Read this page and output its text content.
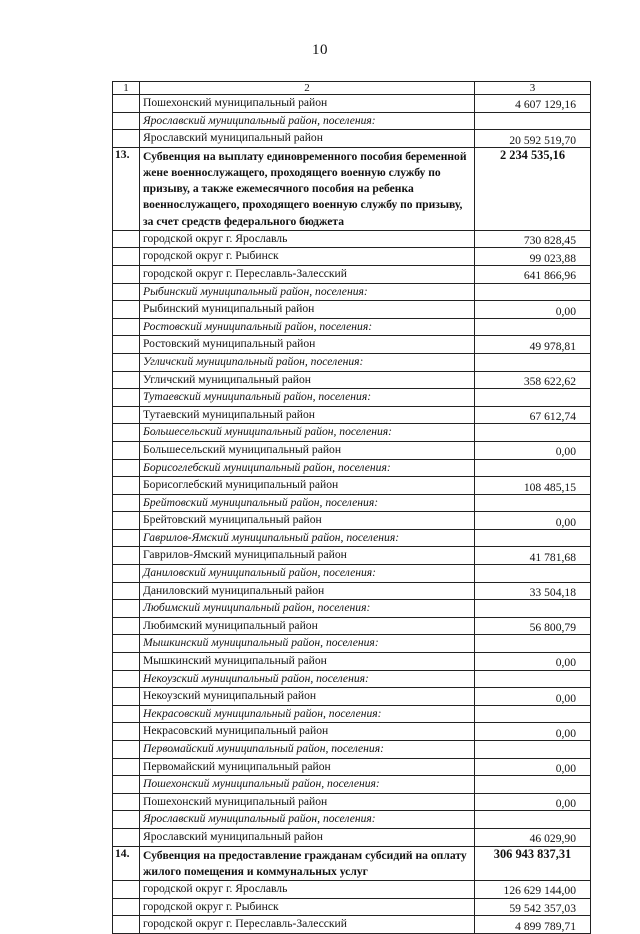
10
1	2	3
	Пошехонский муниципальный район	4 607 129,16
	Ярославский муниципальный район, поселения:	
	Ярославский муниципальный район	20 592 519,70
13.	Субвенция на выплату единовременного пособия беременной жене военнослужащего, проходящего военную службу по призыву, а также ежемесячного пособия на ребенка военнослужащего, проходящего военную службу по призыву, за счет средств федерального бюджета	2 234 535,16
	городской округ г. Ярославль	730 828,45
	городской округ г. Рыбинск	99 023,88
	городской округ г. Переславль-Залесский	641 866,96
	Рыбинский муниципальный район, поселения:	
	Рыбинский муниципальный район	0,00
	Ростовский муниципальный район, поселения:	
	Ростовский муниципальный район	49 978,81
	Угличский муниципальный район, поселения:	
	Угличский муниципальный район	358 622,62
	Тутаевский муниципальный район, поселения:	
	Тутаевский муниципальный район	67 612,74
	Большесельский муниципальный район, поселения:	
	Большесельский муниципальный район	0,00
	Борисоглебский муниципальный район, поселения:	
	Борисоглебский муниципальный район	108 485,15
	Брейтовский муниципальный район, поселения:	
	Брейтовский муниципальный район	0,00
	Гаврилов-Ямский муниципальный район, поселения:	
	Гаврилов-Ямский муниципальный район	41 781,68
	Даниловский муниципальный район, поселения:	
	Даниловский муниципальный район	33 504,18
	Любимский муниципальный район, поселения:	
	Любимский муниципальный район	56 800,79
	Мышкинский муниципальный район, поселения:	
	Мышкинский муниципальный район	0,00
	Некоузский муниципальный район, поселения:	
	Некоузский муниципальный район	0,00
	Некрасовский муниципальный район, поселения:	
	Некрасовский муниципальный район	0,00
	Первомайский муниципальный район, поселения:	
	Первомайский муниципальный район	0,00
	Пошехонский муниципальный район, поселения:	
	Пошехонский муниципальный район	0,00
	Ярославский муниципальный район, поселения:	
	Ярославский муниципальный район	46 029,90
14.	Субвенция на предоставление гражданам субсидий на оплату жилого помещения и коммунальных услуг	306 943 837,31
	городской округ г. Ярославль	126 629 144,00
	городской округ г. Рыбинск	59 542 357,03
	городской округ г. Переславль-Залесский	4 899 789,71
